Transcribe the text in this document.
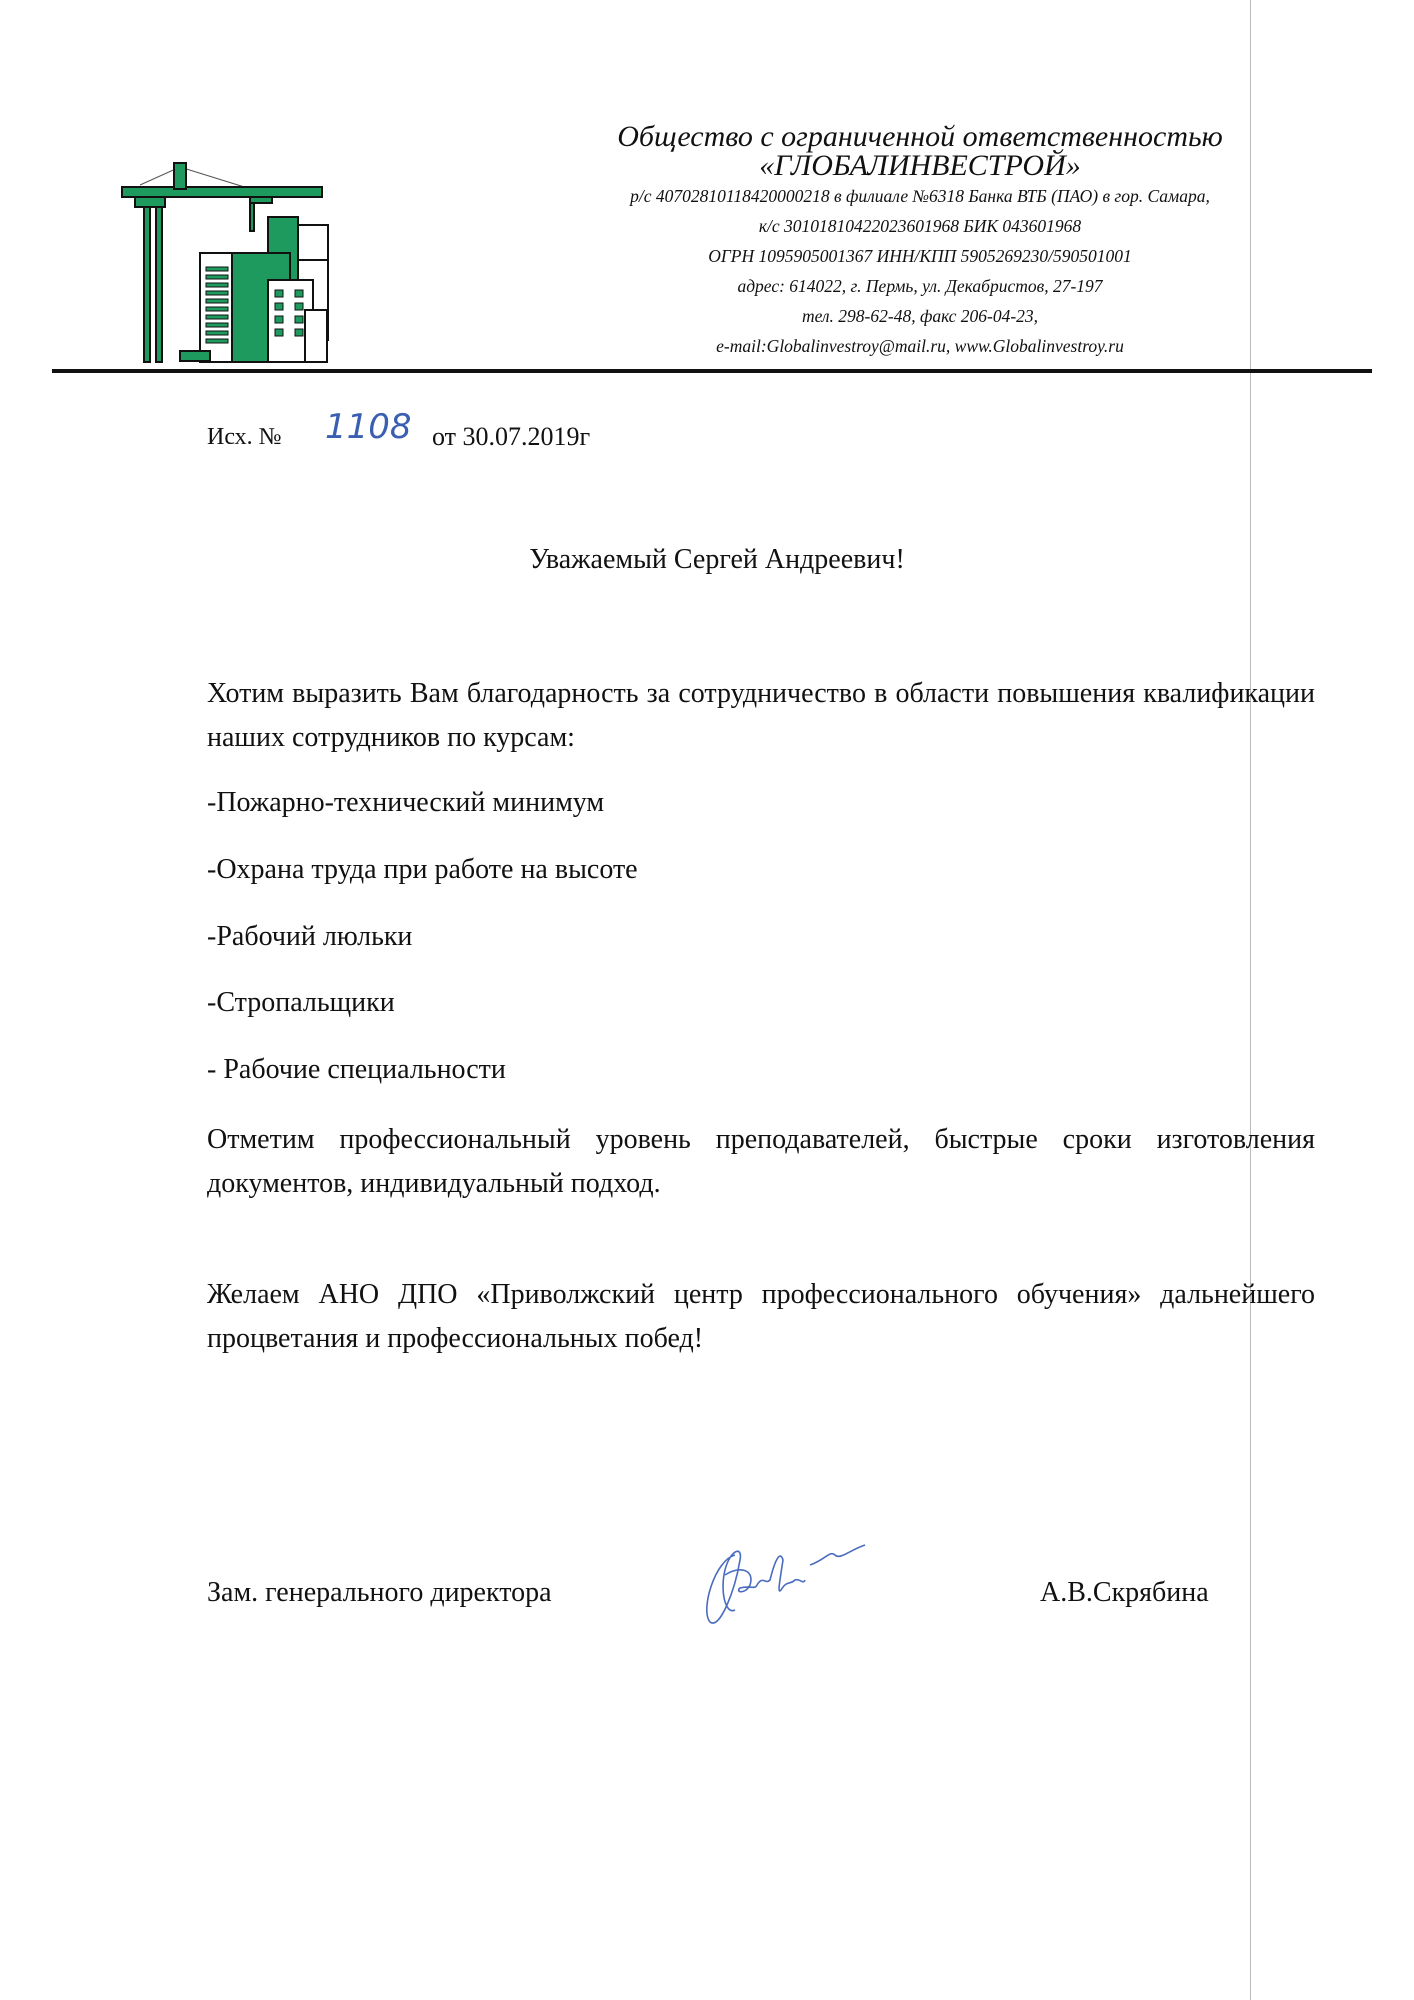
Общество с ограниченной ответственностью
«ГЛОБАЛИНВЕСТРОЙ»
р/с 40702810118420000218 в филиале №6318 Банка ВТБ (ПАО) в гор. Самара,
к/с 30101810422023601968 БИК 043601968
ОГРН 1095905001367 ИНН/КПП 5905269230/590501001
адрес: 614022, г. Пермь, ул. Декабристов, 27-197
тел. 298-62-48, факс 206-04-23,
e-mail:Globalinvestroy@mail.ru, www.Globalinvestroy.ru
Исх. № 1108 от 30.07.2019г
Уважаемый Сергей Андреевич!
Хотим выразить Вам благодарность за сотрудничество в области повышения квалификации наших сотрудников по курсам:
-Пожарно-технический минимум
-Охрана труда при работе на высоте
-Рабочий люльки
-Стропальщики
- Рабочие специальности
Отметим профессиональный уровень преподавателей, быстрые сроки изготовления документов, индивидуальный подход.
Желаем АНО ДПО «Приволжский центр профессионального обучения» дальнейшего процветания и профессиональных побед!
Зам. генерального директора	А.В.Скрябина
